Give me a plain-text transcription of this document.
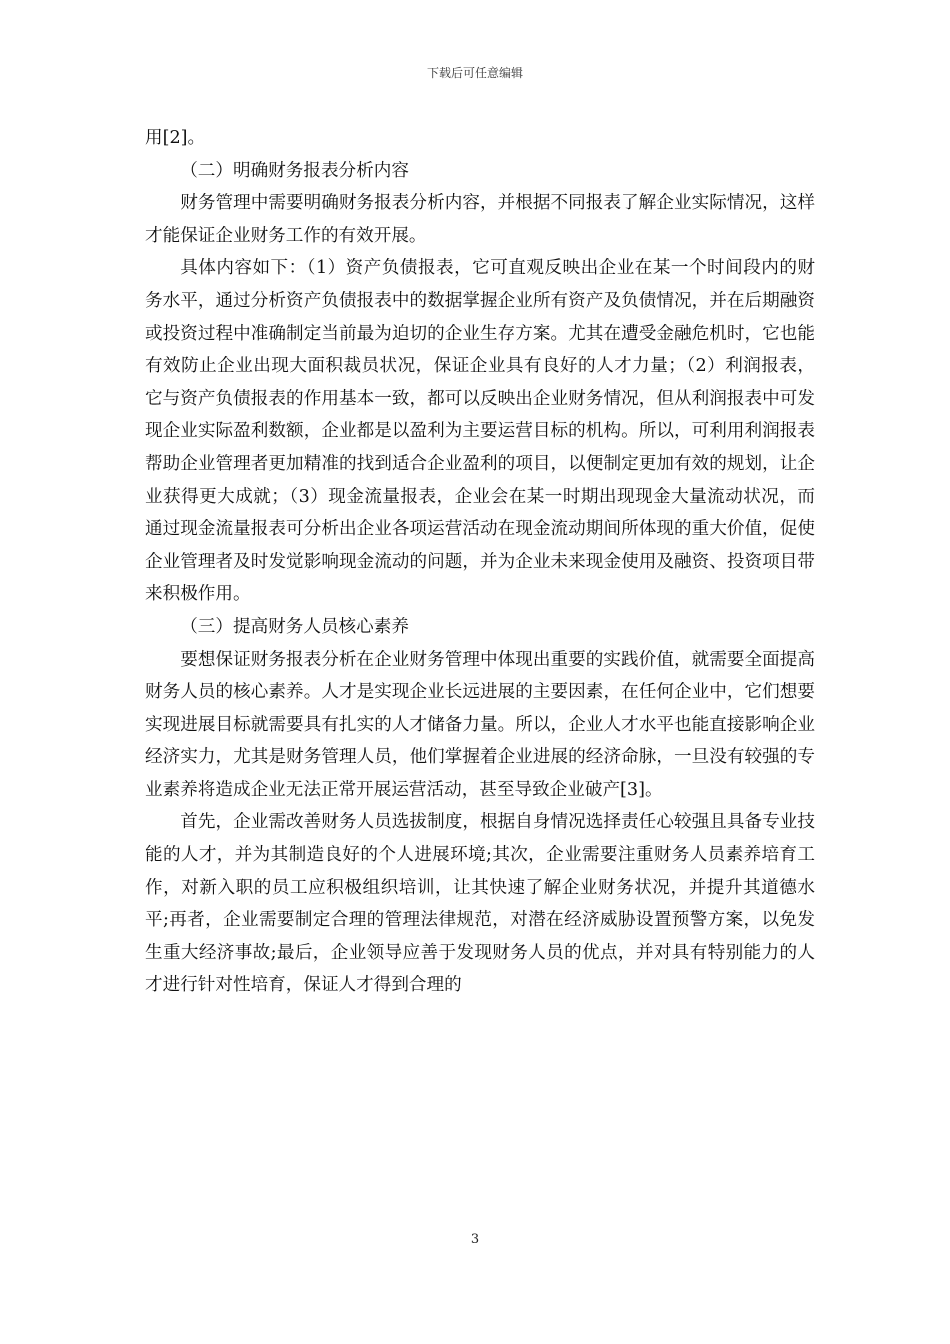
下载后可任意编辑

用[2]。

（二）明确财务报表分析内容

财务管理中需要明确财务报表分析内容，并根据不同报表了解企业实际情况，这样才能保证企业财务工作的有效开展。

具体内容如下：（1）资产负债报表，它可直观反映出企业在某一个时间段内的财务水平，通过分析资产负债报表中的数据掌握企业所有资产及负债情况，并在后期融资或投资过程中准确制定当前最为迫切的企业生存方案。尤其在遭受金融危机时，它也能有效防止企业出现大面积裁员状况，保证企业具有良好的人才力量；（2）利润报表，它与资产负债报表的作用基本一致，都可以反映出企业财务情况，但从利润报表中可发现企业实际盈利数额，企业都是以盈利为主要运营目标的机构。所以，可利用利润报表帮助企业管理者更加精准的找到适合企业盈利的项目，以便制定更加有效的规划，让企业获得更大成就；（3）现金流量报表，企业会在某一时期出现现金大量流动状况，而通过现金流量报表可分析出企业各项运营活动在现金流动期间所体现的重大价值，促使企业管理者及时发觉影响现金流动的问题，并为企业未来现金使用及融资、投资项目带来积极作用。

（三）提高财务人员核心素养

要想保证财务报表分析在企业财务管理中体现出重要的实践价值，就需要全面提高财务人员的核心素养。人才是实现企业长远进展的主要因素，在任何企业中，它们想要实现进展目标就需要具有扎实的人才储备力量。所以，企业人才水平也能直接影响企业经济实力，尤其是财务管理人员，他们掌握着企业进展的经济命脉，一旦没有较强的专业素养将造成企业无法正常开展运营活动，甚至导致企业破产[3]。

首先，企业需改善财务人员选拔制度，根据自身情况选择责任心较强且具备专业技能的人才，并为其制造良好的个人进展环境;其次，企业需要注重财务人员素养培育工作，对新入职的员工应积极组织培训，让其快速了解企业财务状况，并提升其道德水平;再者，企业需要制定合理的管理法律规范，对潜在经济威胁设置预警方案，以免发生重大经济事故;最后，企业领导应善于发现财务人员的优点，并对具有特别能力的人才进行针对性培育，保证人才得到合理的

3
